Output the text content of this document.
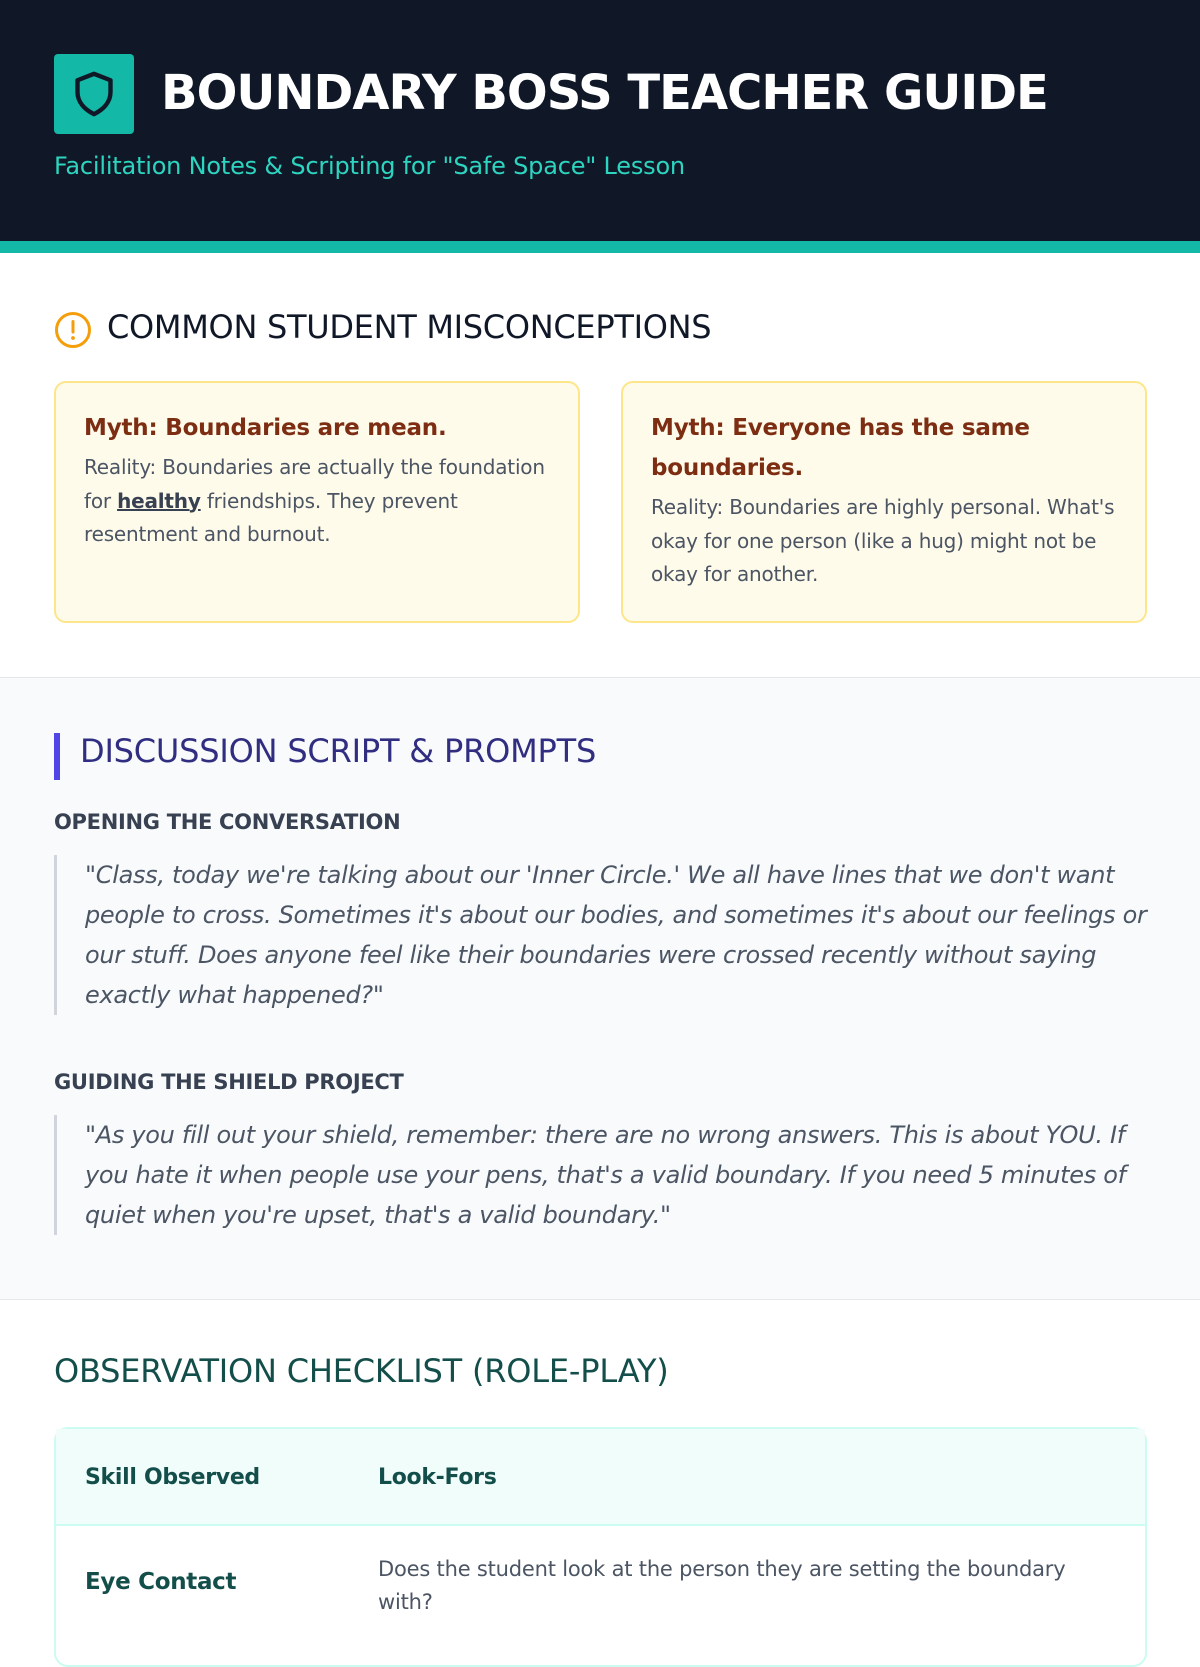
BOUNDARY BOSS TEACHER GUIDE
Facilitation Notes & Scripting for "Safe Space" Lesson
COMMON STUDENT MISCONCEPTIONS
Myth: Boundaries are mean.
Reality: Boundaries are actually the foundation for healthy friendships. They prevent resentment and burnout.
Myth: Everyone has the same boundaries.
Reality: Boundaries are highly personal. What's okay for one person (like a hug) might not be okay for another.
DISCUSSION SCRIPT & PROMPTS
OPENING THE CONVERSATION
"Class, today we're talking about our 'Inner Circle.' We all have lines that we don't want people to cross. Sometimes it's about our bodies, and sometimes it's about our feelings or our stuff. Does anyone feel like their boundaries were crossed recently without saying exactly what happened?"
GUIDING THE SHIELD PROJECT
"As you fill out your shield, remember: there are no wrong answers. This is about YOU. If you hate it when people use your pens, that's a valid boundary. If you need 5 minutes of quiet when you're upset, that's a valid boundary."
OBSERVATION CHECKLIST (ROLE-PLAY)
Skill Observed	Look-Fors
Eye Contact	Does the student look at the person they are setting the boundary with?
